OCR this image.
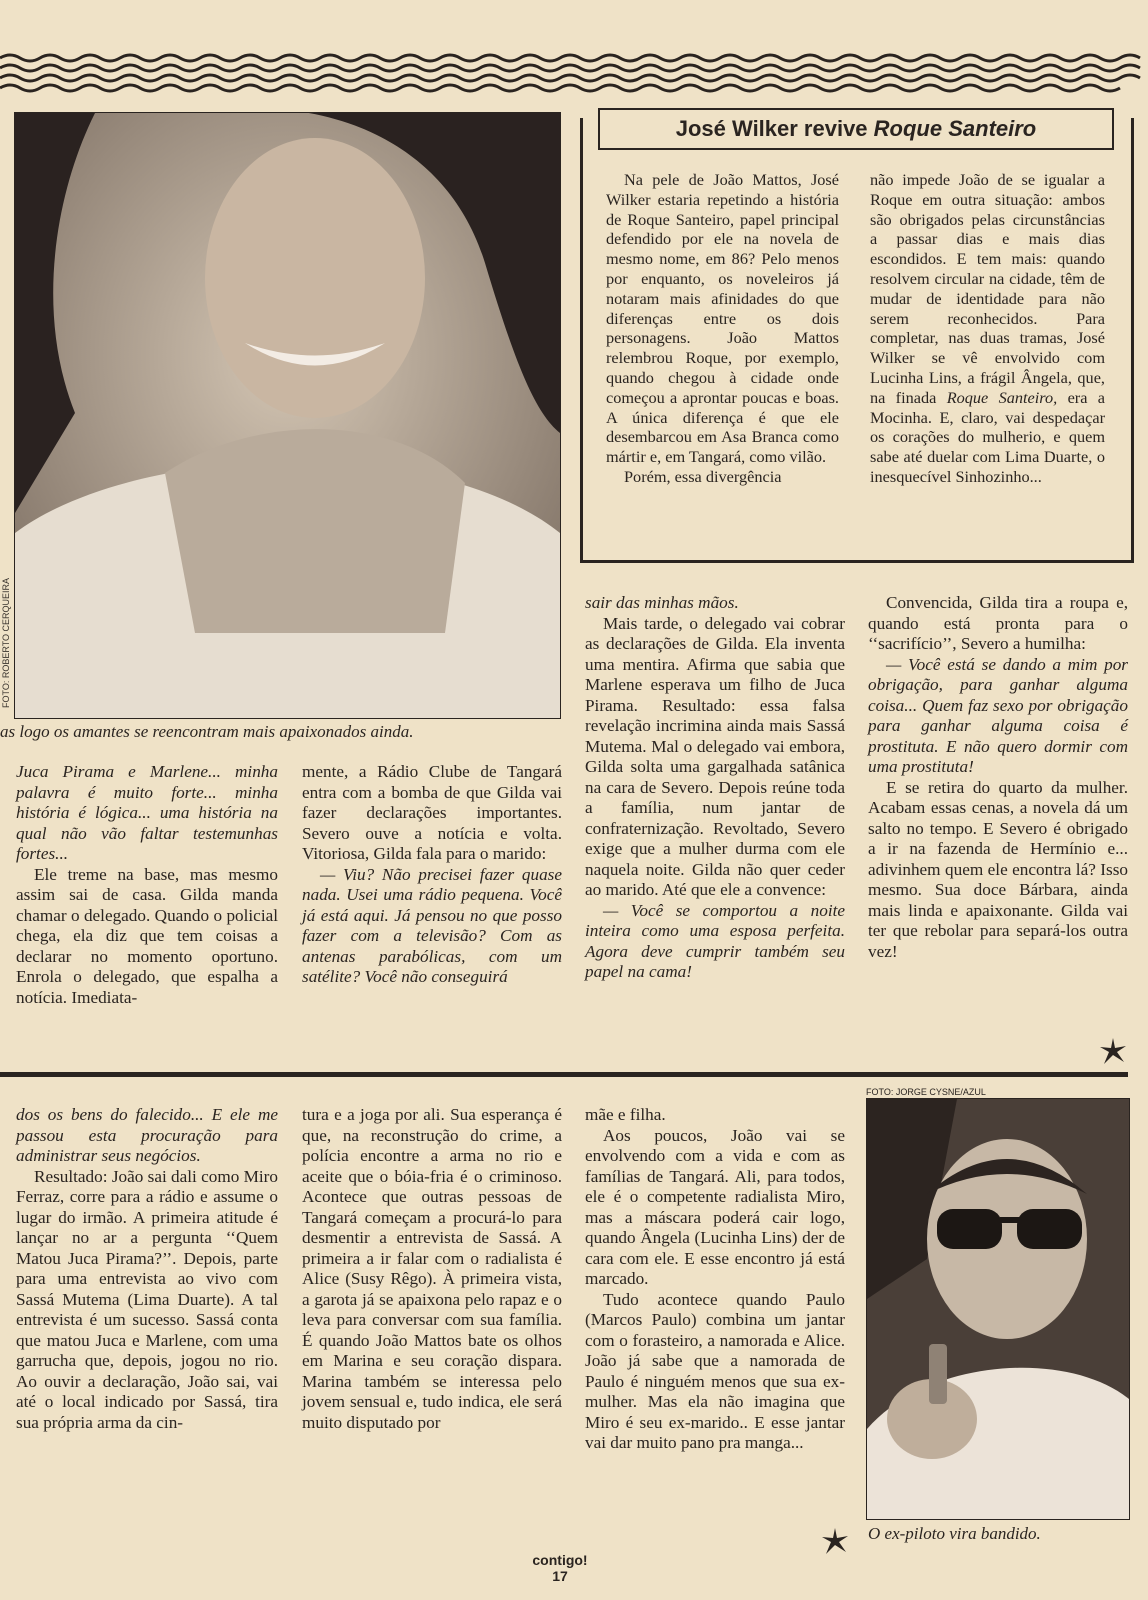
FOTO: ROBERTO CERQUEIRA
as logo os amantes se reencontram mais apaixonados ainda.
José Wilker revive Roque Santeiro

Na pele de João Mattos, José Wilker estaria repetindo a história de Roque Santeiro, papel principal defendido por ele na novela de mesmo nome, em 86? Pelo menos por enquanto, os noveleiros já notaram mais afinidades do que diferenças entre os dois personagens. João Mattos relembrou Roque, por exemplo, quando chegou à cidade onde começou a aprontar poucas e boas. A única diferença é que ele desembarcou em Asa Branca como mártir e, em Tangará, como vilão.

Porém, essa divergência

não impede João de se igualar a Roque em outra situação: ambos são obrigados pelas circunstâncias a passar dias e mais dias escondidos. E tem mais: quando resolvem circular na cidade, têm de mudar de identidade para não serem reconhecidos. Para completar, nas duas tramas, José Wilker se vê envolvido com Lucinha Lins, a frágil Ângela, que, na finada Roque Santeiro, era a Mocinha. E, claro, vai despedaçar os corações do mulherio, e quem sabe até duelar com Lima Duarte, o inesquecível Sinhozinho...

Juca Pirama e Marlene... minha palavra é muito forte... minha história é lógica... uma história na qual não vão faltar testemunhas fortes...

Ele treme na base, mas mesmo assim sai de casa. Gilda manda chamar o delegado. Quando o policial chega, ela diz que tem coisas a declarar no momento oportuno. Enrola o delegado, que espalha a notícia. Imediata-

mente, a Rádio Clube de Tangará entra com a bomba de que Gilda vai fazer declarações importantes. Severo ouve a notícia e volta. Vitoriosa, Gilda fala para o marido:

— Viu? Não precisei fazer quase nada. Usei uma rádio pequena. Você já está aqui. Já pensou no que posso fazer com a televisão? Com as antenas parabólicas, com um satélite? Você não conseguirá

sair das minhas mãos.

Mais tarde, o delegado vai cobrar as declarações de Gilda. Ela inventa uma mentira. Afirma que sabia que Marlene esperava um filho de Juca Pirama. Resultado: essa falsa revelação incrimina ainda mais Sassá Mutema. Mal o delegado vai embora, Gilda solta uma gargalhada satânica na cara de Severo. Depois reúne toda a família, num jantar de confraternização. Revoltado, Severo exige que a mulher durma com ele naquela noite. Gilda não quer ceder ao marido. Até que ele a convence:

— Você se comportou a noite inteira como uma esposa perfeita. Agora deve cumprir também seu papel na cama!

Convencida, Gilda tira a roupa e, quando está pronta para o ‘‘sacrifício’’, Severo a humilha:

— Você está se dando a mim por obrigação, para ganhar alguma coisa... Quem faz sexo por obrigação para ganhar alguma coisa é prostituta. E não quero dormir com uma prostituta!

E se retira do quarto da mulher. Acabam essas cenas, a novela dá um salto no tempo. E Severo é obrigado a ir na fazenda de Hermínio e... adivinhem quem ele encontra lá? Isso mesmo. Sua doce Bárbara, ainda mais linda e apaixonante. Gilda vai ter que rebolar para separá-los outra vez!

dos os bens do falecido... E ele me passou esta procuração para administrar seus negócios.

Resultado: João sai dali como Miro Ferraz, corre para a rádio e assume o lugar do irmão. A primeira atitude é lançar no ar a pergunta ‘‘Quem Matou Juca Pirama?’’. Depois, parte para uma entrevista ao vivo com Sassá Mutema (Lima Duarte). A tal entrevista é um sucesso. Sassá conta que matou Juca e Marlene, com uma garrucha que, depois, jogou no rio. Ao ouvir a declaração, João sai, vai até o local indicado por Sassá, tira sua própria arma da cin-

tura e a joga por ali. Sua esperança é que, na reconstrução do crime, a polícia encontre a arma no rio e aceite que o bóia-fria é o criminoso. Acontece que outras pessoas de Tangará começam a procurá-lo para desmentir a entrevista de Sassá. A primeira a ir falar com o radialista é Alice (Susy Rêgo). À primeira vista, a garota já se apaixona pelo rapaz e o leva para conversar com sua família. É quando João Mattos bate os olhos em Marina e seu coração dispara. Marina também se interessa pelo jovem sensual e, tudo indica, ele será muito disputado por

mãe e filha.

Aos poucos, João vai se envolvendo com a vida e com as famílias de Tangará. Ali, para todos, ele é o competente radialista Miro, mas a máscara poderá cair logo, quando Ângela (Lucinha Lins) der de cara com ele. E esse encontro já está marcado.

Tudo acontece quando Paulo (Marcos Paulo) combina um jantar com o forasteiro, a namorada e Alice. João já sabe que a namorada de Paulo é ninguém menos que sua ex-mulher. Mas ela não imagina que Miro é seu ex-marido.. E esse jantar vai dar muito pano pra manga...

FOTO: JORGE CYSNE/AZUL
O ex-piloto vira bandido.
contigo!
17
